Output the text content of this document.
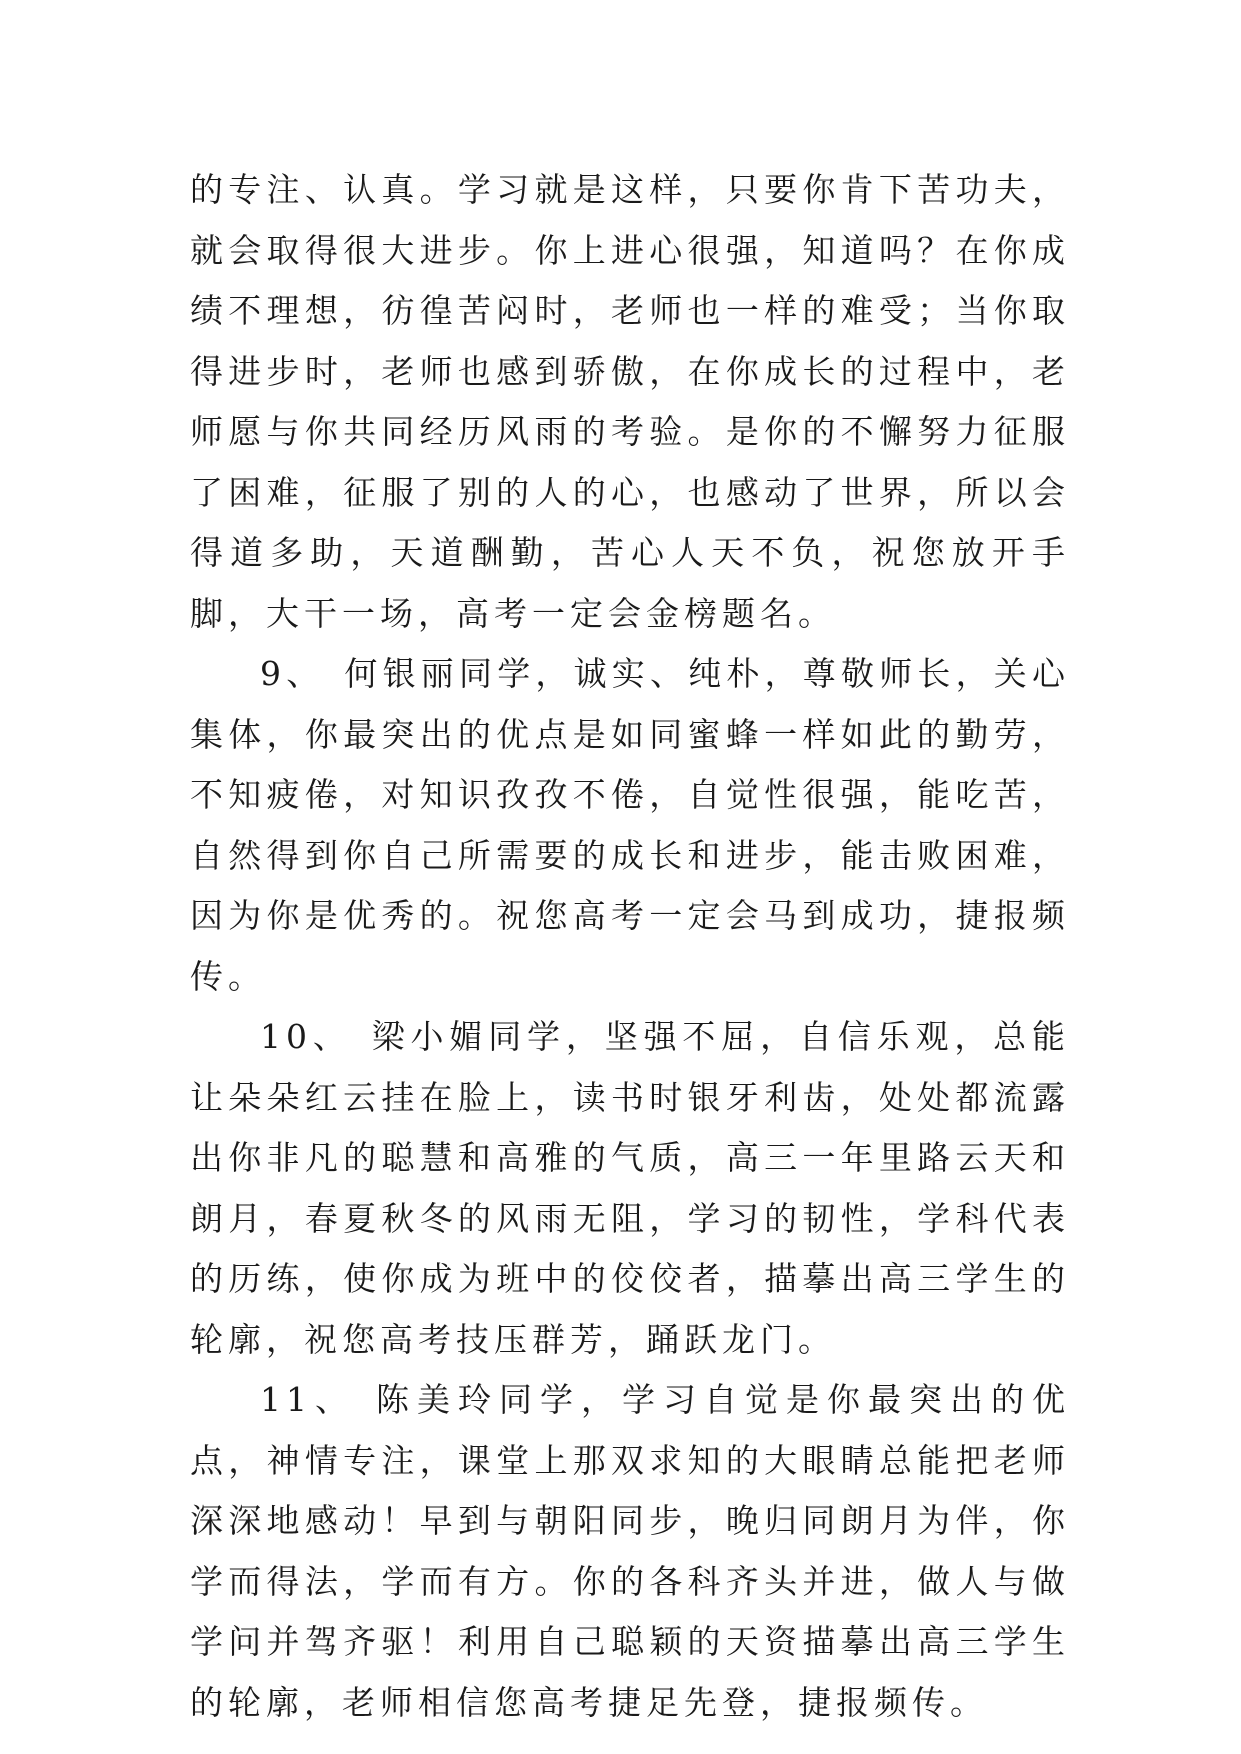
的专注、认真。学习就是这样，只要你肯下苦功夫，就会取得很大进步。你上进心很强，知道吗？在你成绩不理想，彷徨苦闷时，老师也一样的难受；当你取得进步时，老师也感到骄傲，在你成长的过程中，老师愿与你共同经历风雨的考验。是你的不懈努力征服了困难，征服了别的人的心，也感动了世界，所以会得道多助，天道酬勤，苦心人天不负，祝您放开手脚，大干一场，高考一定会金榜题名。

9、 何银丽同学，诚实、纯朴，尊敬师长，关心集体，你最突出的优点是如同蜜蜂一样如此的勤劳，不知疲倦，对知识孜孜不倦，自觉性很强，能吃苦，自然得到你自己所需要的成长和进步，能击败困难，因为你是优秀的。祝您高考一定会马到成功，捷报频传。

10、 梁小媚同学，坚强不屈，自信乐观，总能让朵朵红云挂在脸上，读书时银牙利齿，处处都流露出你非凡的聪慧和高雅的气质，高三一年里路云天和朗月，春夏秋冬的风雨无阻，学习的韧性，学科代表的历练，使你成为班中的佼佼者，描摹出高三学生的轮廓，祝您高考技压群芳，踊跃龙门。

11、 陈美玲同学，学习自觉是你最突出的优点，神情专注，课堂上那双求知的大眼睛总能把老师深深地感动！早到与朝阳同步，晚归同朗月为伴，你学而得法，学而有方。你的各科齐头并进，做人与做学问并驾齐驱！利用自己聪颖的天资描摹出高三学生的轮廓，老师相信您高考捷足先登，捷报频传。
